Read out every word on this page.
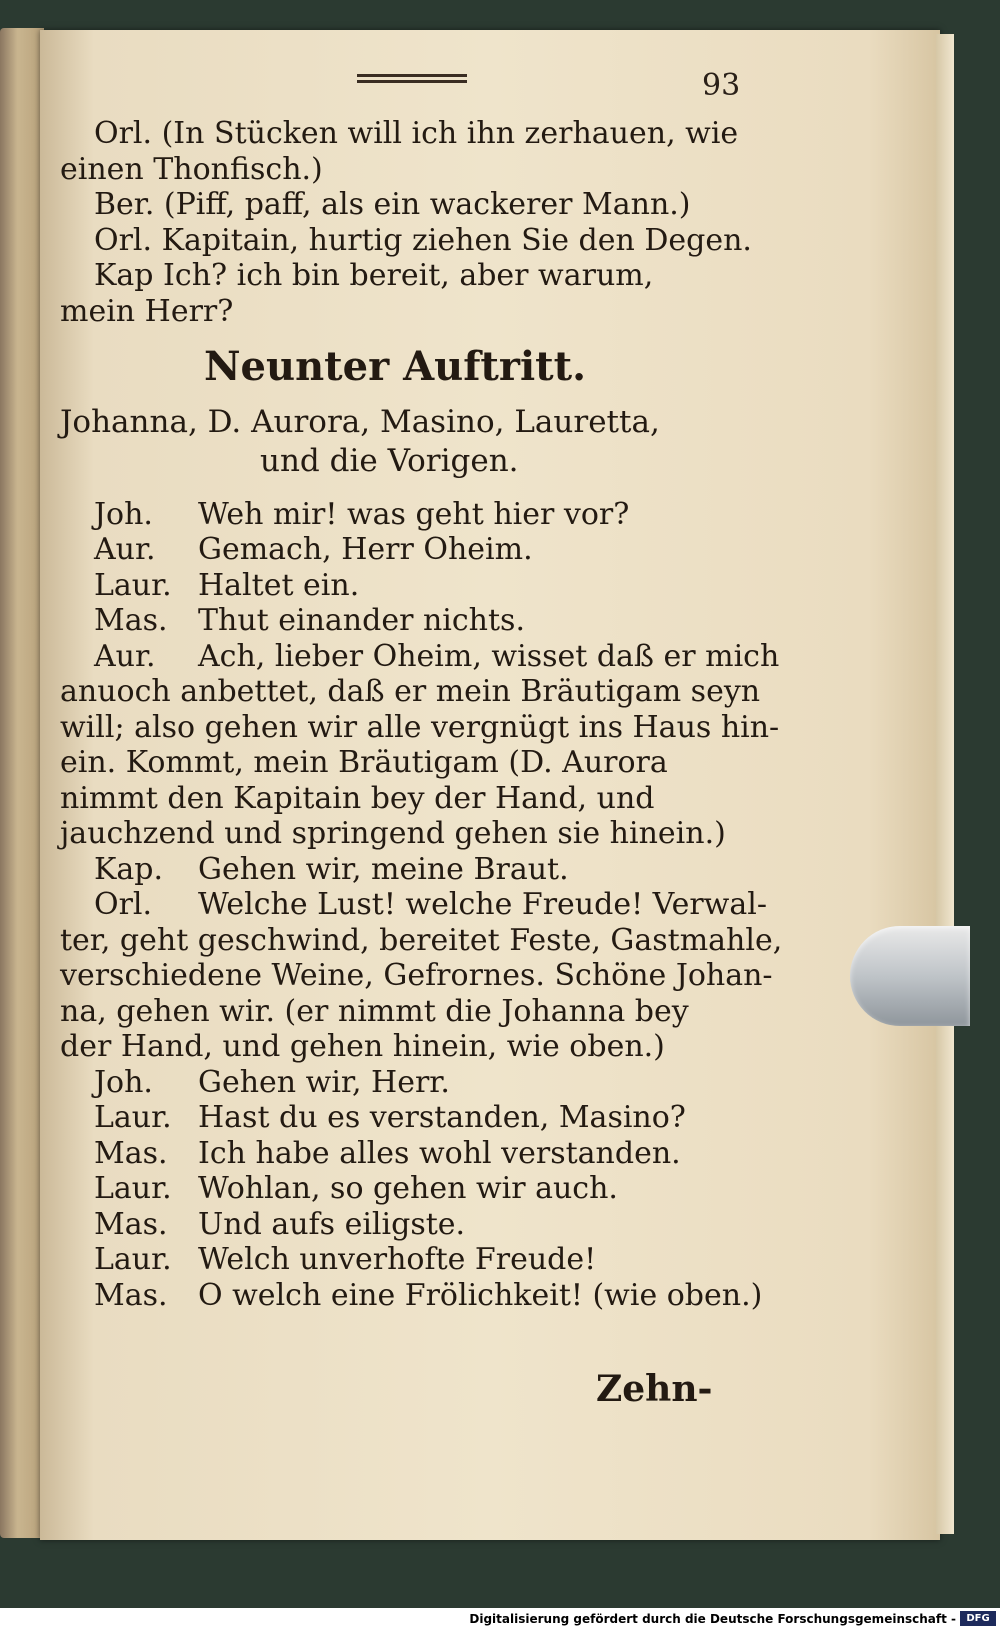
93
Orl. (In Stücken will ich ihn zerhauen, wie
einen Thonfisch.)
Ber. (Piff, paff, als ein wackerer Mann.)
Orl. Kapitain, hurtig ziehen Sie den Degen.
Kap Ich? ich bin bereit, aber warum,
mein Herr?
Neunter Auftritt.
Johanna, D. Aurora, Masino, Lauretta,
und die Vorigen.
Joh. Weh mir! was geht hier vor?
Aur. Gemach, Herr Oheim.
Laur. Haltet ein.
Mas. Thut einander nichts.
Aur. Ach, lieber Oheim, wisset daß er mich
anuoch anbettet, daß er mein Bräutigam seyn
will; also gehen wir alle vergnügt ins Haus hin-
ein. Kommt, mein Bräutigam (D. Aurora
nimmt den Kapitain bey der Hand, und
jauchzend und springend gehen sie hinein.)
Kap. Gehen wir, meine Braut.
Orl. Welche Lust! welche Freude! Verwal-
ter, geht geschwind, bereitet Feste, Gastmahle,
verschiedene Weine, Gefrornes. Schöne Johan-
na, gehen wir. (er nimmt die Johanna bey
der Hand, und gehen hinein, wie oben.)
Joh. Gehen wir, Herr.
Laur. Hast du es verstanden, Masino?
Mas. Ich habe alles wohl verstanden.
Laur. Wohlan, so gehen wir auch.
Mas. Und aufs eiligste.
Laur. Welch unverhofte Freude!
Mas. O welch eine Frölichkeit! (wie oben.)
Zehn-
Digitalisierung gefördert durch die Deutsche Forschungsgemeinschaft -	DFG
